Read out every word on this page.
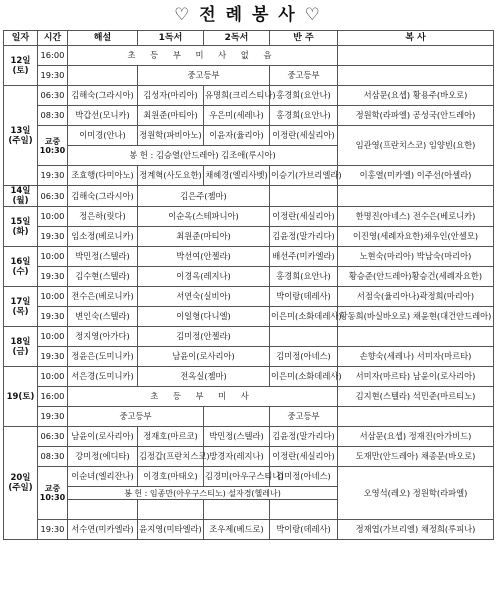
♡ 전 례 봉 사 ♡
일자	시간	해설	1독서	2독서	반 주	복 사
12일
(토)	16:00	초 등 부 미 사 없 음				
	19:30		중고등부		중고등부	
13일
(주일)	06:30	김해숙(그라시아)	김성자(마리아)	유명희(크리스티나)	홍경희(요안나)	서삼문(요셉) 황용주(바오로)
	08:30	박갑선(모니카)	최원준(마티아)	우은미(세레나)	홍경희(요안나)	정원학(라파엘) 공성국(안드레아)
	교중
10:30	이미경(안나)	정원학(파비아노)	이윤자(율리아)	이정란(세실리아)	임관영(프란치스코) 임양빈(요한)
		봉 헌 : 김승열(안드레아) 김조애(루시아)				
	19:30	조효행(다미아노)	정계혁(사도요한)	채혜경(엘리사벳)	이승기(가브리엘라)	이홍열(미카엘) 이주선(아셀라)
14일
(월)	06:30	김해숙(그라시아)	김은주(젬마)			
15일
(화)	10:00	정은하(릿다)	이순옥(스테파니아)		이정란(세실리아)	한명진(아네스) 전수은(베로니카)
	19:30	임소정(베로니카)	최원준(마티아)		김윤정(말가리다)	이진영(세례자요한)채우인(안셀모)
16일
(수)	10:00	박민정(스텔라)	박선여(안젤라)		배선주(미카엘라)	노현숙(마리아) 박남숙(마리아)
	19:30	김수현(스텔라)	이경옥(레지나)		홍경희(요안나)	황승준(안드레아)황승건(세례자요한)
17일
(목)	10:00	전수은(베로니카)	서연숙(실비아)		박이랑(데레사)	서점숙(율리아나)곽정희(마리아)
	19:30	변인숙(스텔라)	이일형(다니엘)		이은미(소화데레사)	황동희(바실바오로) 채윤현(대건안드레아)
18일
(금)	10:00	정지영(아가다)	김미정(안젤라)			
	19:30	정윤은(도미니카)	남윤이(로사리아)		김미정(아네스)	손향숙(세레나) 서미자(마르타)
19(토)	10:00	서은경(도미니카)	전옥실(젬마)		이은미(소화데레사)	서미자(마르타) 남윤이(로사리아)
	16:00	초 등 부 미 사				김지현(스텔라) 석민준(마르티노)
	19:30	중고등부			중고등부	
20일
(주일)	06:30	남윤이(로사리아)	정재호(마르코)	박민정(스텔라)	김윤정(말가리다)	서삼문(요셉) 정재진(아가비드)
	08:30	강미정(에디타)	김정갑(프란치스코)	방경자(레지나)	이정란(세실리아)	도재만(안드레아) 채종문(바오로)
	교중
10:30	이순녀(엘리잔나)	이경호(마태오)	김경미(아우구스티나)	김미정(아네스)	오영석(레오) 정원학(라파엘)
		봉 헌 : 임종만(아우구스티노) 설자경(헬레나)				

	19:30	서수연(미카엘라)	윤지영(미타엘라)	조우제(베드로)	박이랑(데레사)	정재엽(가브리엘) 채정희(루피나)
